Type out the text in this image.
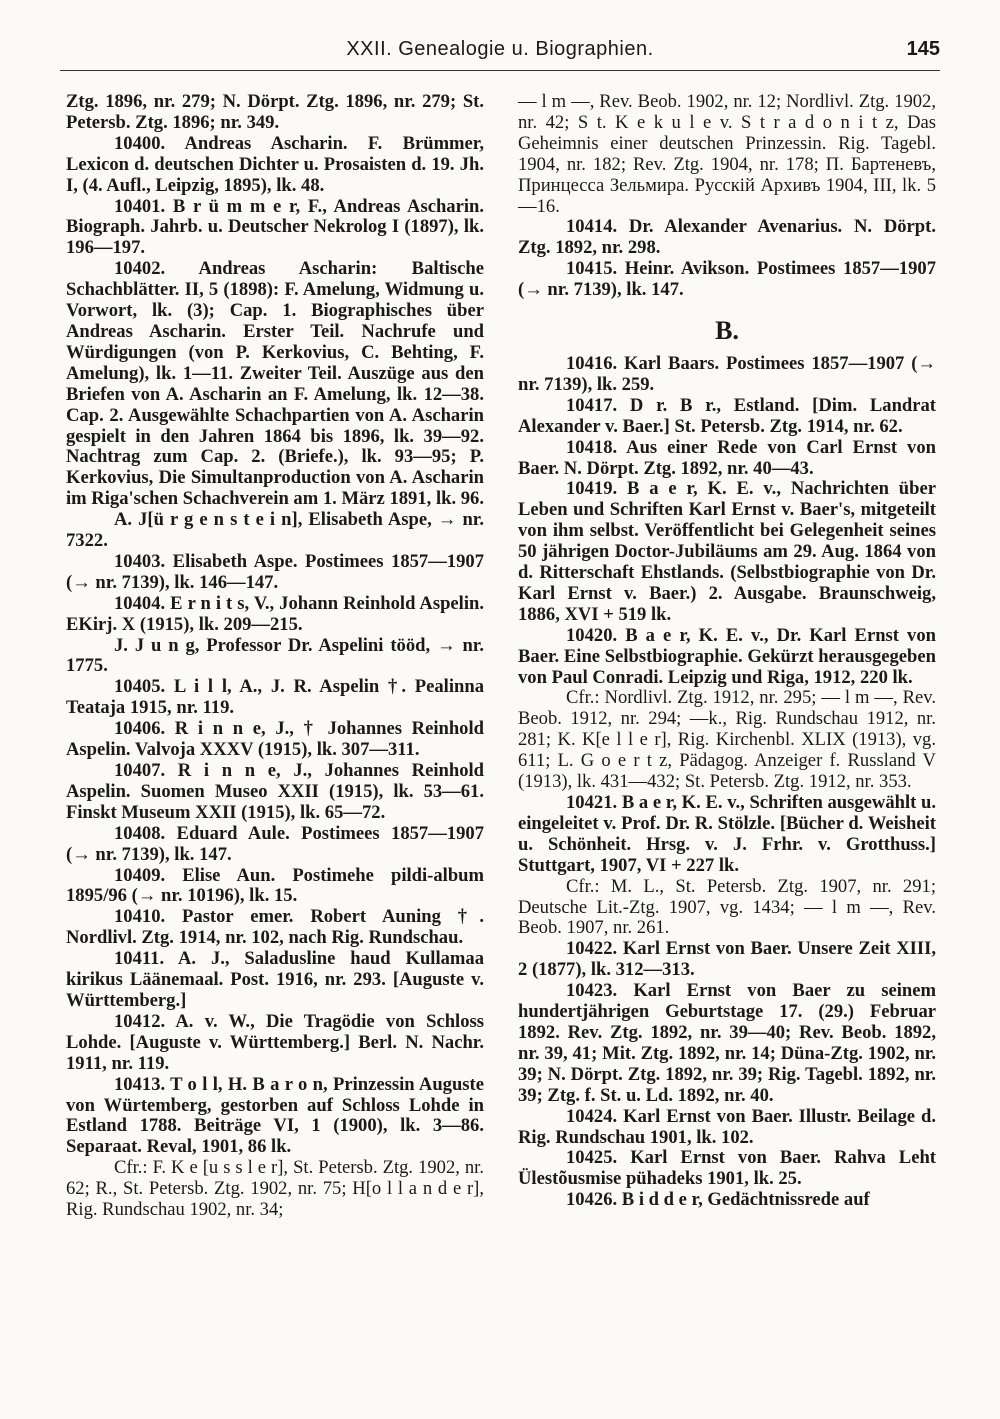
XXII. Genealogie u. Biographien.	145

Ztg. 1896, nr. 279; N. Dörpt. Ztg. 1896, nr. 279; St. Petersb. Ztg. 1896; nr. 349.

10400. Andreas Ascharin. F. Brümmer, Lexicon d. deutschen Dichter u. Prosaisten d. 19. Jh. I, (4. Aufl., Leipzig, 1895), lk. 48.

10401. B r ü m m e r, F., Andreas Ascharin. Biograph. Jahrb. u. Deutscher Nekrolog I (1897), lk. 196—197.

10402. Andreas Ascharin: Baltische Schachblätter. II, 5 (1898): F. Amelung, Widmung u. Vorwort, lk. (3); Cap. 1. Biographisches über Andreas Ascharin. Erster Teil. Nachrufe und Würdigungen (von P. Kerkovius, C. Behting, F. Amelung), lk. 1—11. Zweiter Teil. Auszüge aus den Briefen von A. Ascharin an F. Amelung, lk. 12—38. Cap. 2. Ausgewählte Schachpartien von A. Ascharin gespielt in den Jahren 1864 bis 1896, lk. 39—92. Nachtrag zum Cap. 2. (Briefe.), lk. 93—95; P. Kerkovius, Die Simultanproduction von A. Ascharin im Riga'schen Schachverein am 1. März 1891, lk. 96.

A. J[ü r g e n s t e i n], Elisabeth Aspe, → nr. 7322.

10403. Elisabeth Aspe. Postimees 1857—1907 (→ nr. 7139), lk. 146—147.

10404. E r n i t s, V., Johann Reinhold Aspelin. EKirj. X (1915), lk. 209—215.

J. J u n g, Professor Dr. Aspelini tööd, → nr. 1775.

10405. L i l l, A., J. R. Aspelin †. Pealinna Teataja 1915, nr. 119.

10406. R i n n e, J., † Johannes Reinhold Aspelin. Valvoja XXXV (1915), lk. 307—311.

10407. R i n n e, J., Johannes Reinhold Aspelin. Suomen Museo XXII (1915), lk. 53—61. Finskt Museum XXII (1915), lk. 65—72.

10408. Eduard Aule. Postimees 1857—1907 (→ nr. 7139), lk. 147.

10409. Elise Aun. Postimehe pildi-album 1895/96 (→ nr. 10196), lk. 15.

10410. Pastor emer. Robert Auning †. Nordlivl. Ztg. 1914, nr. 102, nach Rig. Rundschau.

10411. A. J., Saladusline haud Kullamaa kirikus Läänemaal. Post. 1916, nr. 293. [Auguste v. Württemberg.]

10412. A. v. W., Die Tragödie von Schloss Lohde. [Auguste v. Württemberg.] Berl. N. Nachr. 1911, nr. 119.

10413. T o l l, H. B a r o n, Prinzessin Auguste von Würtemberg, gestorben auf Schloss Lohde in Estland 1788. Beiträge VI, 1 (1900), lk. 3—86. Separaat. Reval, 1901, 86 lk.

Cfr.: F. K e [u s s l e r], St. Petersb. Ztg. 1902, nr. 62; R., St. Petersb. Ztg. 1902, nr. 75; H[o l l a n d e r], Rig. Rundschau 1902, nr. 34;

— l m —, Rev. Beob. 1902, nr. 12; Nordlivl. Ztg. 1902, nr. 42; S t. K e k u l e v. S t r a d o n i t z, Das Geheimnis einer deutschen Prinzessin. Rig. Tagebl. 1904, nr. 182; Rev. Ztg. 1904, nr. 178; П. Бартеневъ, Принцесса Зельмира. Русскiй Архивъ 1904, III, lk. 5—16.

10414. Dr. Alexander Avenarius. N. Dörpt. Ztg. 1892, nr. 298.

10415. Heinr. Avikson. Postimees 1857—1907 (→ nr. 7139), lk. 147.

B.

10416. Karl Baars. Postimees 1857—1907 (→ nr. 7139), lk. 259.

10417. D r. B r., Estland. [Dim. Landrat Alexander v. Baer.] St. Petersb. Ztg. 1914, nr. 62.

10418. Aus einer Rede von Carl Ernst von Baer. N. Dörpt. Ztg. 1892, nr. 40—43.

10419. B a e r, K. E. v., Nachrichten über Leben und Schriften Karl Ernst v. Baer's, mitgeteilt von ihm selbst. Veröffentlicht bei Gelegenheit seines 50 jährigen Doctor-Jubiläums am 29. Aug. 1864 von d. Ritterschaft Ehstlands. (Selbstbiographie von Dr. Karl Ernst v. Baer.) 2. Ausgabe. Braunschweig, 1886, XVI + 519 lk.

10420. B a e r, K. E. v., Dr. Karl Ernst von Baer. Eine Selbstbiographie. Gekürzt herausgegeben von Paul Conradi. Leipzig und Riga, 1912, 220 lk.

Cfr.: Nordlivl. Ztg. 1912, nr. 295; — l m —, Rev. Beob. 1912, nr. 294; —k., Rig. Rundschau 1912, nr. 281; K. K[e l l e r], Rig. Kirchenbl. XLIX (1913), vg. 611; L. G o e r t z, Pädagog. Anzeiger f. Russland V (1913), lk. 431—432; St. Petersb. Ztg. 1912, nr. 353.

10421. B a e r, K. E. v., Schriften ausgewählt u. eingeleitet v. Prof. Dr. R. Stölzle. [Bücher d. Weisheit u. Schönheit. Hrsg. v. J. Frhr. v. Grotthuss.] Stuttgart, 1907, VI + 227 lk.

Cfr.: M. L., St. Petersb. Ztg. 1907, nr. 291; Deutsche Lit.-Ztg. 1907, vg. 1434; — l m —, Rev. Beob. 1907, nr. 261.

10422. Karl Ernst von Baer. Unsere Zeit XIII, 2 (1877), lk. 312—313.

10423. Karl Ernst von Baer zu seinem hundertjährigen Geburtstage 17. (29.) Februar 1892. Rev. Ztg. 1892, nr. 39—40; Rev. Beob. 1892, nr. 39, 41; Mit. Ztg. 1892, nr. 14; Düna-Ztg. 1902, nr. 39; N. Dörpt. Ztg. 1892, nr. 39; Rig. Tagebl. 1892, nr. 39; Ztg. f. St. u. Ld. 1892, nr. 40.

10424. Karl Ernst von Baer. Illustr. Beilage d. Rig. Rundschau 1901, lk. 102.

10425. Karl Ernst von Baer. Rahva Leht Ülestõusmise pühadeks 1901, lk. 25.

10426. B i d d e r, Gedächtnissrede auf
